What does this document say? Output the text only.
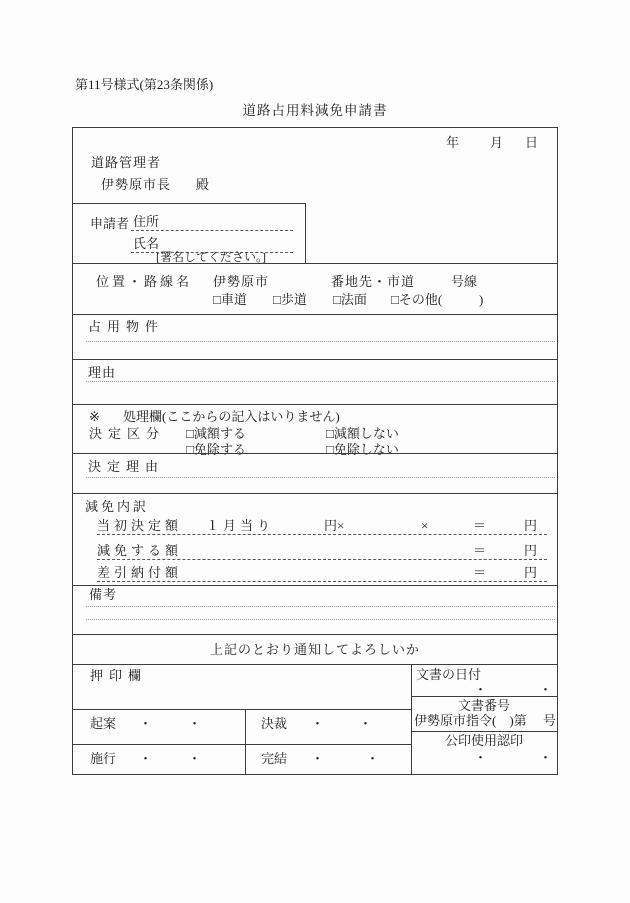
第11号様式(第23条関係)
道路占用料減免申請書
年 月 日
道路管理者
伊勢原市長 殿
申請者 住所
氏名
[署名してください。]
位置・路線名 伊勢原市	番地先・市道	号線
□車道 □歩道 □法面 □その他(	)
占用物件
理由
※ 処理欄(ここからの記入はいりません)
決定区分 □減額する	□減額しない
□免除する	□免除しない
決定理由
減免内訳
当初決定額 １月当り	円×	×	＝	円
減免する額	＝	円
差引納付額	＝	円
備考
上記のとおり通知してよろしいか
押印欄
起案 ・	・	決裁 ・	・
施行 ・	・	完結 ・	・
文書の日付
・	・
文書番号
伊勢原市指令(　)第 号
公印使用認印
・	・
